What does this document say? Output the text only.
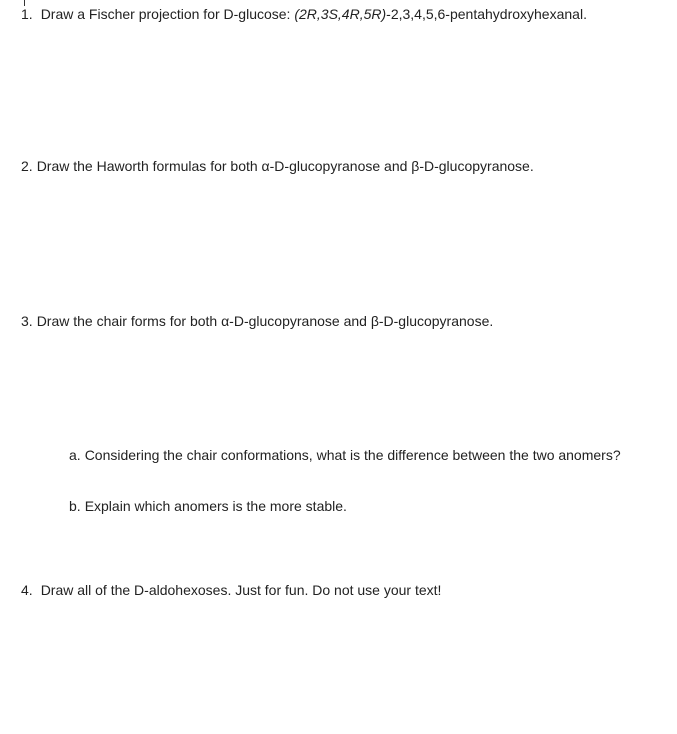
1. Draw a Fischer projection for D-glucose: (2R,3S,4R,5R)-2,3,4,5,6-pentahydroxyhexanal.
2. Draw the Haworth formulas for both α-D-glucopyranose and β-D-glucopyranose.
3. Draw the chair forms for both α-D-glucopyranose and β-D-glucopyranose.
a. Considering the chair conformations, what is the difference between the two anomers?
b. Explain which anomers is the more stable.
4. Draw all of the D-aldohexoses. Just for fun. Do not use your text!
